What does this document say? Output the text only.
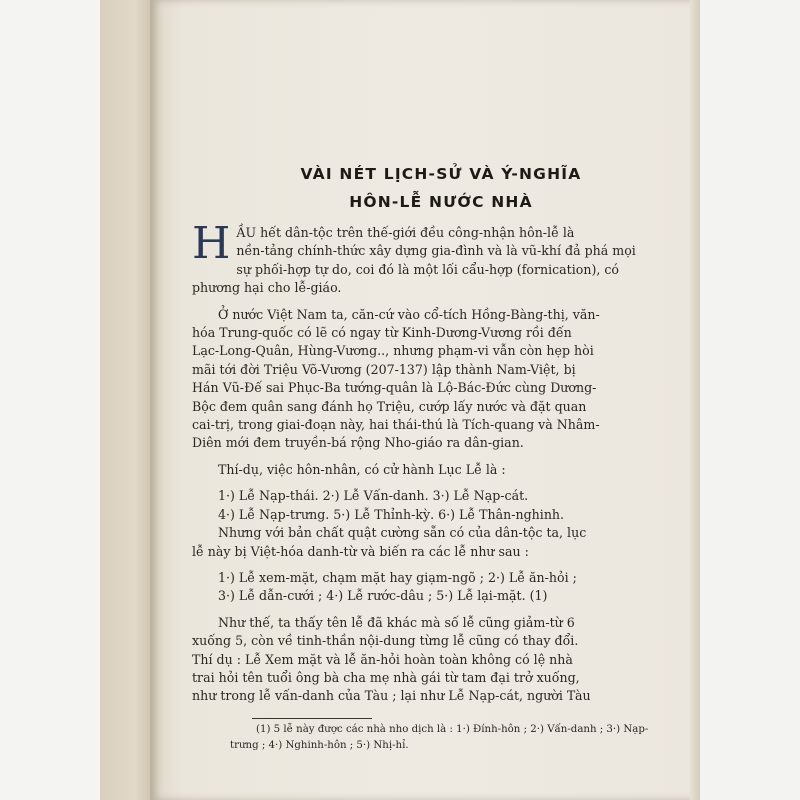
VÀI NÉT LỊCH-SỬ VÀ Ý-NGHĨA
HÔN-LỄ NƯỚC NHÀ

H ẦU hết dân-tộc trên thế-giới đều công-nhận hôn-lễ là
nền-tảng chính-thức xây dựng gia-đình và là vũ-khí đả phá mọi
sự phối-hợp tự do, coi đó là một lối cẩu-hợp (fornication), có
phương hại cho lễ-giáo.

Ở nước Việt Nam ta, căn-cứ vào cổ-tích Hồng-Bàng-thị, văn-
hóa Trung-quốc có lẽ có ngay từ Kinh-Dương-Vương rồi đến
Lạc-Long-Quân, Hùng-Vương.., nhưng phạm-vi vẫn còn hẹp hòi
mãi tới đời Triệu Võ-Vương (207-137) lập thành Nam-Việt, bị
Hán Vũ-Đế sai Phục-Ba tướng-quân là Lộ-Bác-Đức cùng Dương-
Bộc đem quân sang đánh họ Triệu, cướp lấy nước và đặt quan
cai-trị, trong giai-đoạn này, hai thái-thú là Tích-quang và Nhâm-
Diên mới đem truyền-bá rộng Nho-giáo ra dân-gian.

Thí-dụ, việc hôn-nhân, có cử hành Lục Lễ là :

1·) Lễ Nạp-thái. 2·) Lễ Vấn-danh. 3·) Lễ Nạp-cát.
4·) Lễ Nạp-trưng. 5·) Lễ Thỉnh-kỳ. 6·) Lễ Thân-nghinh.

Nhưng với bản chất quật cường sẵn có của dân-tộc ta, lục
lễ này bị Việt-hóa danh-từ và biến ra các lễ như sau :

1·) Lễ xem-mặt, chạm mặt hay giạm-ngõ ; 2·) Lễ ăn-hỏi ;
3·) Lễ dẫn-cưới ; 4·) Lễ rước-dâu ; 5·) Lễ lại-mặt. (1)

Như thế, ta thấy tên lễ đã khác mà số lễ cũng giảm-từ 6
xuống 5, còn về tinh-thần nội-dung từng lễ cũng có thay đổi.
Thí dụ : Lễ Xem mặt và lễ ăn-hỏi hoàn toàn không có lệ nhà
trai hỏi tên tuổi ông bà cha mẹ nhà gái từ tam đại trở xuống,
như trong lễ vấn-danh của Tàu ; lại như Lễ Nạp-cát, người Tàu

(1) 5 lễ này được các nhà nho dịch là : 1·) Đính-hôn ; 2·) Vấn-danh ; 3·) Nạp-
trưng ; 4·) Nghinh-hôn ; 5·) Nhị-hỉ.
